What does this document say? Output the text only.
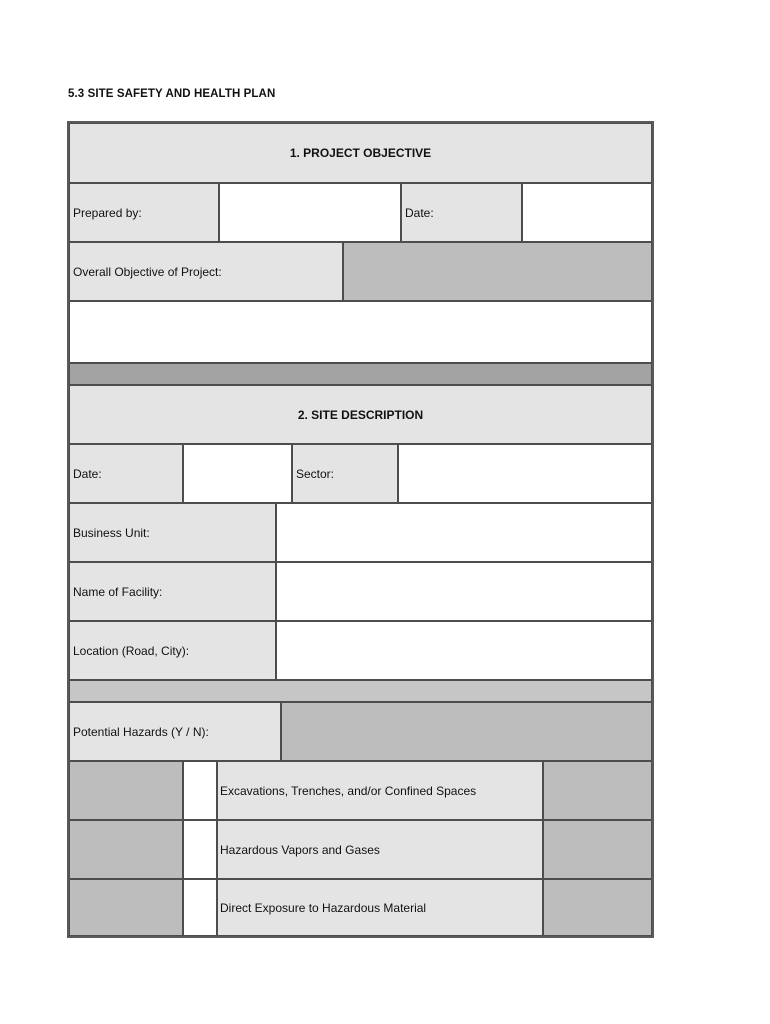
5.3 SITE SAFETY AND HEALTH PLAN
1. PROJECT OBJECTIVE
Prepared by:	Date:
Overall Objective of Project:
2. SITE DESCRIPTION
Date:	Sector:
Business Unit:
Name of Facility:
Location (Road, City):
Potential Hazards (Y / N):
Excavations, Trenches, and/or Confined Spaces
Hazardous Vapors and Gases
Direct Exposure to Hazardous Material
